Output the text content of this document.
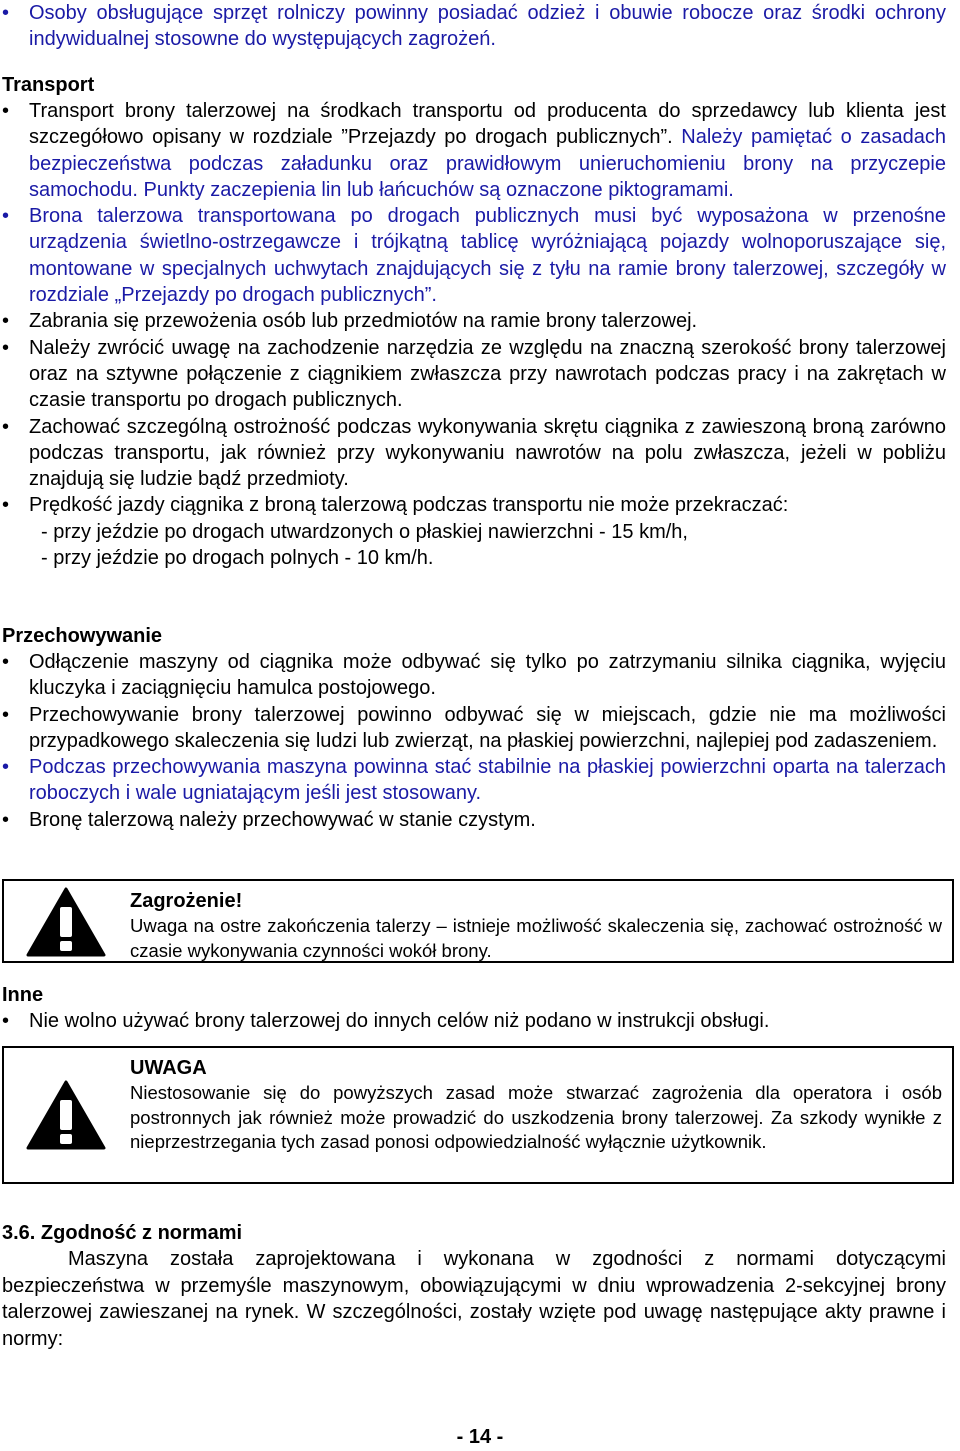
• Osoby obsługujące sprzęt rolniczy powinny posiadać odzież i obuwie robocze oraz środki ochrony indywidualnej stosowne do występujących zagrożeń.

Transport

• Transport brony talerzowej na środkach transportu od producenta do sprzedawcy lub klienta jest szczegółowo opisany w rozdziale ”Przejazdy po drogach publicznych”. Należy pamiętać o zasadach bezpieczeństwa podczas załadunku oraz prawidłowym unieruchomieniu brony na przyczepie samochodu. Punkty zaczepienia lin lub łańcuchów są oznaczone piktogramami.
• Brona talerzowa transportowana po drogach publicznych musi być wyposażona w przenośne urządzenia świetlno-ostrzegawcze i trójkątną tablicę wyróżniającą pojazdy wolnoporuszające się, montowane w specjalnych uchwytach znajdujących się z tyłu na ramie brony talerzowej, szczegóły w rozdziale „Przejazdy po drogach publicznych”.
• Zabrania się przewożenia osób lub przedmiotów na ramie brony talerzowej.
• Należy zwrócić uwagę na zachodzenie narzędzia ze względu na znaczną szerokość brony talerzowej oraz na sztywne połączenie z ciągnikiem zwłaszcza przy nawrotach podczas pracy i na zakrętach w czasie transportu po drogach publicznych.
• Zachować szczególną ostrożność podczas wykonywania skrętu ciągnika z zawieszoną broną zarówno podczas transportu, jak również przy wykonywaniu nawrotów na polu zwłaszcza, jeżeli w pobliżu znajdują się ludzie bądź przedmioty.
• Prędkość jazdy ciągnika z broną talerzową podczas transportu nie może przekraczać:
- przy jeździe po drogach utwardzonych o płaskiej nawierzchni - 15 km/h,
- przy jeździe po drogach polnych - 10 km/h.

Przechowywanie

• Odłączenie maszyny od ciągnika może odbywać się tylko po zatrzymaniu silnika ciągnika, wyjęciu kluczyka i zaciągnięciu hamulca postojowego.
• Przechowywanie brony talerzowej powinno odbywać się w miejscach, gdzie nie ma możliwości przypadkowego skaleczenia się ludzi lub zwierząt, na płaskiej powierzchni, najlepiej pod zadaszeniem.
• Podczas przechowywania maszyna powinna stać stabilnie na płaskiej powierzchni oparta na talerzach roboczych i wale ugniatającym jeśli jest stosowany.
• Bronę talerzową należy przechowywać w stanie czystym.

Zagrożenie!

Uwaga na ostre zakończenia talerzy – istnieje możliwość skaleczenia się, zachować ostrożność w czasie wykonywania czynności wokół brony.

Inne

• Nie wolno używać brony talerzowej do innych celów niż podano w instrukcji obsługi.

UWAGA

Niestosowanie się do powyższych zasad może stwarzać zagrożenia dla operatora i osób postronnych jak również może prowadzić do uszkodzenia brony talerzowej. Za szkody wynikłe z nieprzestrzegania tych zasad ponosi odpowiedzialność wyłącznie użytkownik.

3.6. Zgodność z normami

Maszyna została zaprojektowana i wykonana w zgodności z normami dotyczącymi bezpieczeństwa w przemyśle maszynowym, obowiązującymi w dniu wprowadzenia 2-sekcyjnej brony talerzowej zawieszanej na rynek. W szczególności, zostały wzięte pod uwagę następujące akty prawne i normy:

- 14 -
